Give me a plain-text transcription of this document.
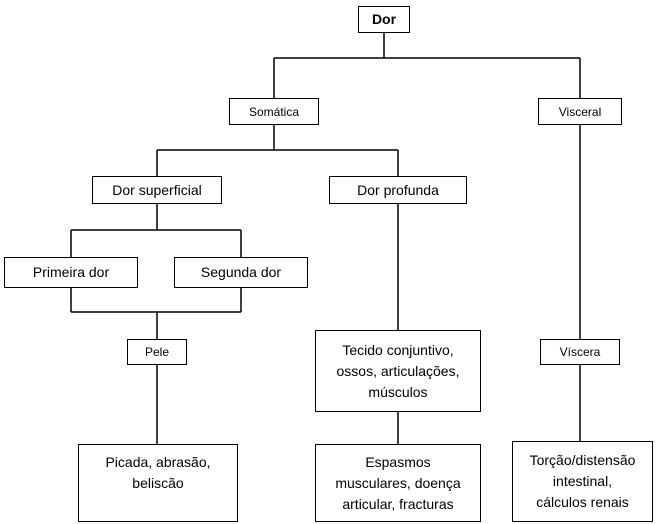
Dor
Somática	Visceral
Dor superficial	Dor profunda
Primeira dor	Segunda dor
Pele	Tecido conjuntivo,
ossos, articulações,
músculos
Víscera
Picada, abrasão,
beliscão
Espasmos
musculares, doença
articular, fracturas
Torção/distensão
intestinal,
cálculos renais
